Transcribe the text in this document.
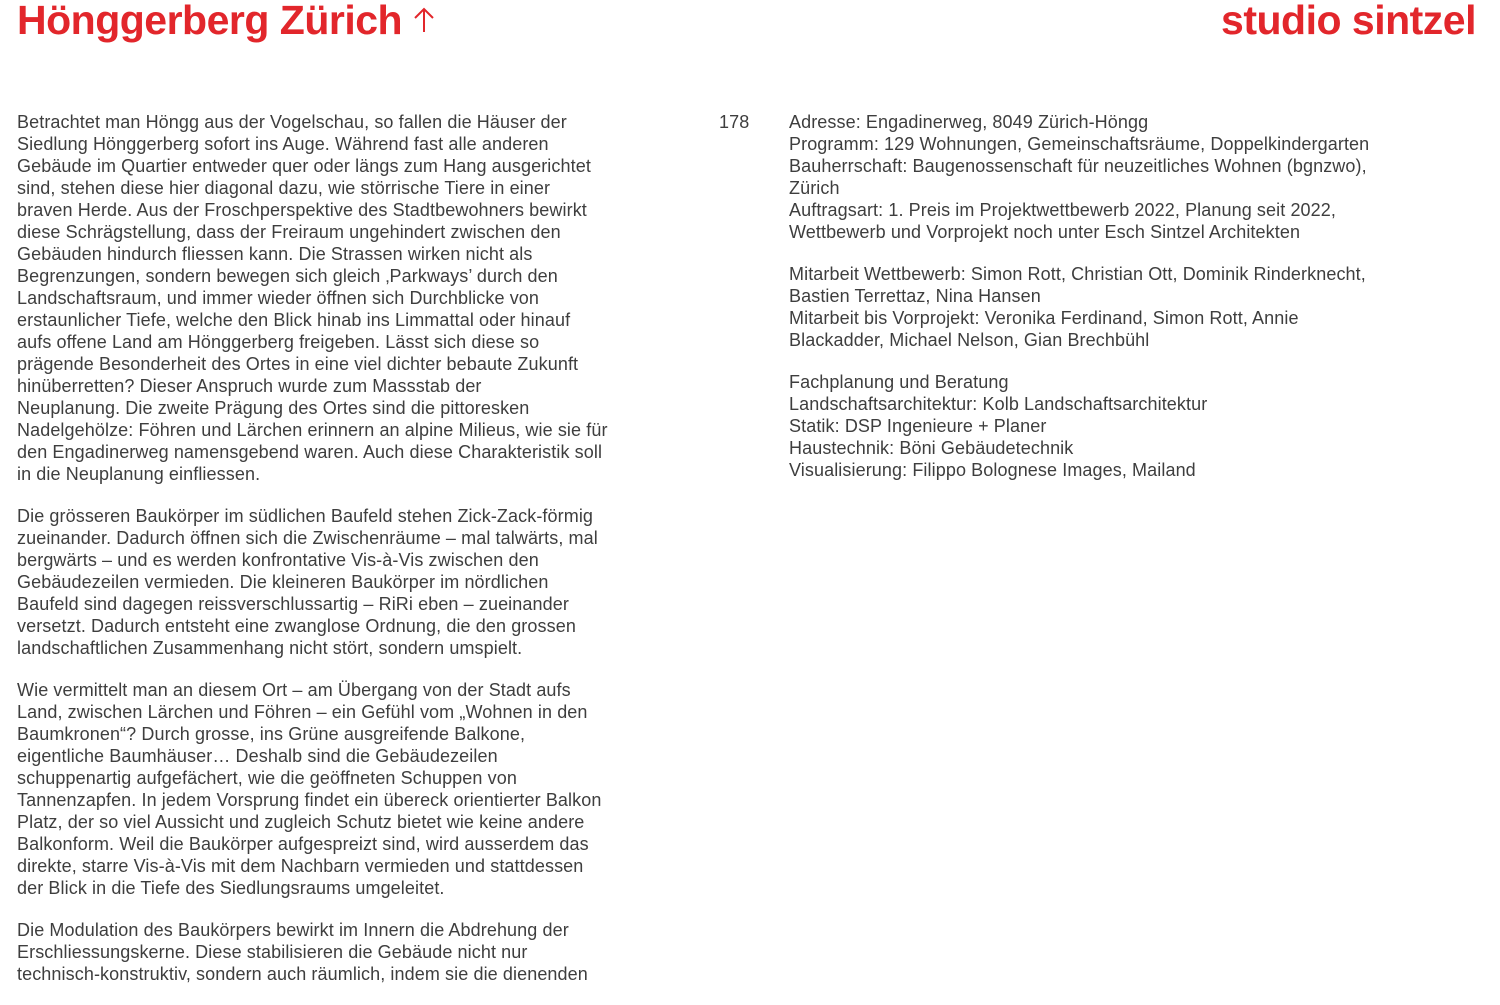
Hönggerberg Zürich	studio sintzel

Betrachtet man Höngg aus der Vogelschau, so fallen die Häuser der
Siedlung Hönggerberg sofort ins Auge. Während fast alle anderen
Gebäude im Quartier entweder quer oder längs zum Hang ausgerichtet
sind, stehen diese hier diagonal dazu, wie störrische Tiere in einer
braven Herde. Aus der Froschperspektive des Stadtbewohners bewirkt
diese Schrägstellung, dass der Freiraum ungehindert zwischen den
Gebäuden hindurch fliessen kann. Die Strassen wirken nicht als
Begrenzungen, sondern bewegen sich gleich ‚Parkways’ durch den
Landschaftsraum, und immer wieder öffnen sich Durchblicke von
erstaunlicher Tiefe, welche den Blick hinab ins Limmattal oder hinauf
aufs offene Land am Hönggerberg freigeben. Lässt sich diese so
prägende Besonderheit des Ortes in eine viel dichter bebaute Zukunft
hinüberretten? Dieser Anspruch wurde zum Massstab der
Neuplanung. Die zweite Prägung des Ortes sind die pittoresken
Nadelgehölze: Föhren und Lärchen erinnern an alpine Milieus, wie sie für
den Engadinerweg namensgebend waren. Auch diese Charakteristik soll
in die Neuplanung einfliessen.

Die grösseren Baukörper im südlichen Baufeld stehen Zick-Zack-förmig
zueinander. Dadurch öffnen sich die Zwischenräume – mal talwärts, mal
bergwärts – und es werden konfrontative Vis-à-Vis zwischen den
Gebäudezeilen vermieden. Die kleineren Baukörper im nördlichen
Baufeld sind dagegen reissverschlussartig – RiRi eben – zueinander
versetzt. Dadurch entsteht eine zwanglose Ordnung, die den grossen
landschaftlichen Zusammenhang nicht stört, sondern umspielt.

Wie vermittelt man an diesem Ort – am Übergang von der Stadt aufs
Land, zwischen Lärchen und Föhren – ein Gefühl vom „Wohnen in den
Baumkronen“? Durch grosse, ins Grüne ausgreifende Balkone,
eigentliche Baumhäuser… Deshalb sind die Gebäudezeilen
schuppenartig aufgefächert, wie die geöffneten Schuppen von
Tannenzapfen. In jedem Vorsprung findet ein übereck orientierter Balkon
Platz, der so viel Aussicht und zugleich Schutz bietet wie keine andere
Balkonform. Weil die Baukörper aufgespreizt sind, wird ausserdem das
direkte, starre Vis-à-Vis mit dem Nachbarn vermieden und stattdessen
der Blick in die Tiefe des Siedlungsraums umgeleitet.

Die Modulation des Baukörpers bewirkt im Innern die Abdrehung der
Erschliessungskerne. Diese stabilisieren die Gebäude nicht nur
technisch-konstruktiv, sondern auch räumlich, indem sie die dienenden

178 Adresse: Engadinerweg, 8049 Zürich-Höngg
Programm: 129 Wohnungen, Gemeinschaftsräume, Doppelkindergarten
Bauherrschaft: Baugenossenschaft für neuzeitliches Wohnen (bgnzwo),
Zürich
Auftragsart: 1. Preis im Projektwettbewerb 2022, Planung seit 2022,
Wettbewerb und Vorprojekt noch unter Esch Sintzel Architekten
Mitarbeit Wettbewerb: Simon Rott, Christian Ott, Dominik Rinderknecht,
Bastien Terrettaz, Nina Hansen
Mitarbeit bis Vorprojekt: Veronika Ferdinand, Simon Rott, Annie
Blackadder, Michael Nelson, Gian Brechbühl
Fachplanung und Beratung
Landschaftsarchitektur: Kolb Landschaftsarchitektur
Statik: DSP Ingenieure + Planer
Haustechnik: Böni Gebäudetechnik
Visualisierung: Filippo Bolognese Images, Mailand
